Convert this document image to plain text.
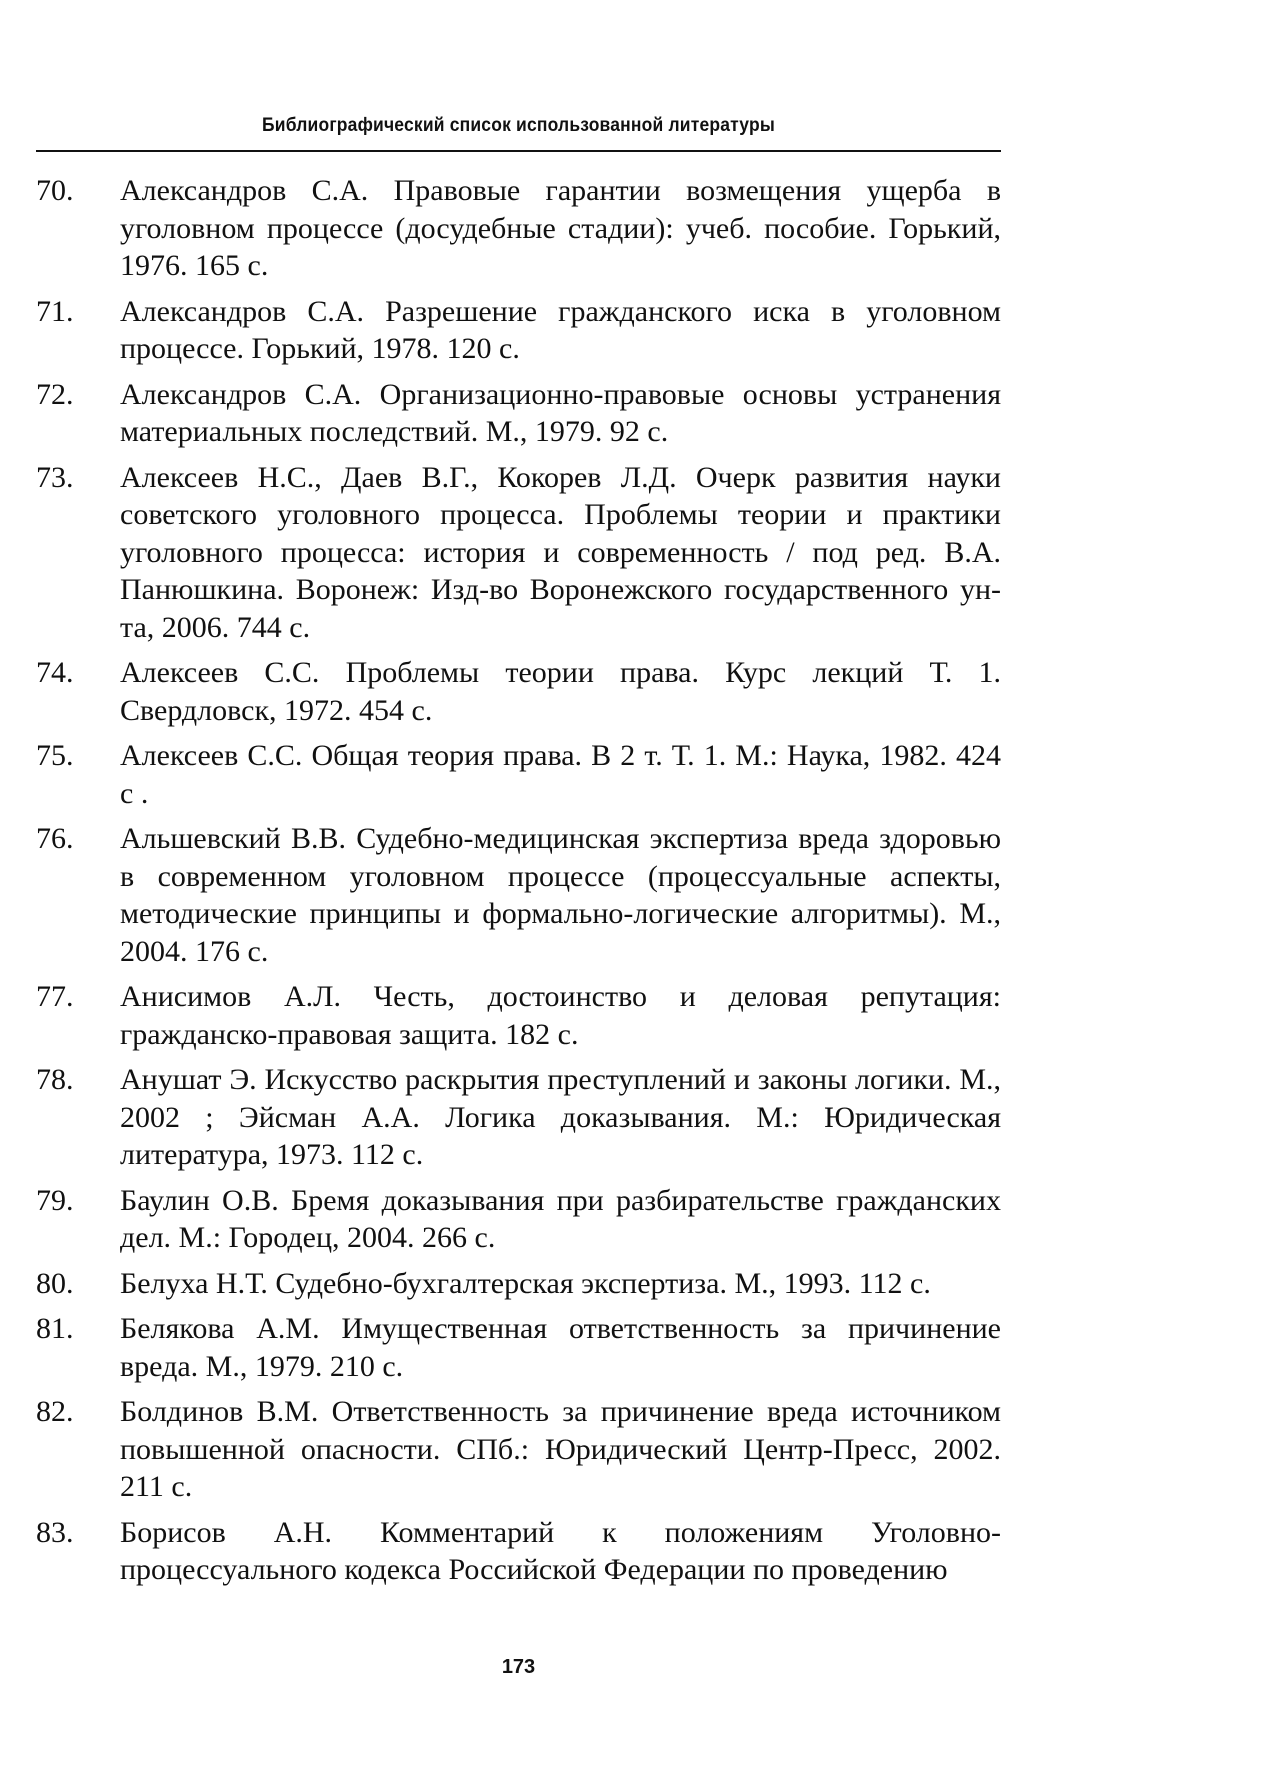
Библиографический список использованной литературы
70.	Александров С.А. Правовые гарантии возмещения ущерба в уголовном процессе (досудебные стадии): учеб. пособие. Горький, 1976. 165 с.
71.	Александров С.А. Разрешение гражданского иска в уголовном процессе. Горький, 1978. 120 с.
72.	Александров С.А. Организационно-правовые основы устранения материальных последствий. М., 1979. 92 с.
73.	Алексеев Н.С., Даев В.Г., Кокорев Л.Д. Очерк развития науки советского уголовного процесса. Проблемы теории и практики уголовного процесса: история и современность / под ред. В.А. Панюшкина. Воронеж: Изд-во Воронежского государственного ун-та, 2006. 744 с.
74.	Алексеев С.С. Проблемы теории права. Курс лекций Т. 1. Свердловск, 1972. 454 с.
75.	Алексеев С.С. Общая теория права. В 2 т. Т. 1. М.: Наука, 1982. 424 с .
76.	Альшевский В.В. Судебно-медицинская экспертиза вреда здоровью в современном уголовном процессе (процессуальные аспекты, методические принципы и формально-логические алгоритмы). М., 2004. 176 с.
77.	Анисимов А.Л. Честь, достоинство и деловая репутация: гражданско-правовая защита. 182 с.
78.	Анушат Э. Искусство раскрытия преступлений и законы логики. М., 2002 ; Эйсман А.А. Логика доказывания. М.: Юридическая литература, 1973. 112 с.
79.	Баулин О.В. Бремя доказывания при разбирательстве гражданских дел. М.: Городец, 2004. 266 с.
80.	Белуха Н.Т. Судебно-бухгалтерская экспертиза. М., 1993. 112 с.
81.	Белякова А.М. Имущественная ответственность за причинение вреда. М., 1979. 210 с.
82.	Болдинов В.М. Ответственность за причинение вреда источником повышенной опасности. СПб.: Юридический Центр-Пресс, 2002. 211 с.
83.	Борисов А.Н. Комментарий к положениям Уголовно-процессуального кодекса Российской Федерации по проведению
173
